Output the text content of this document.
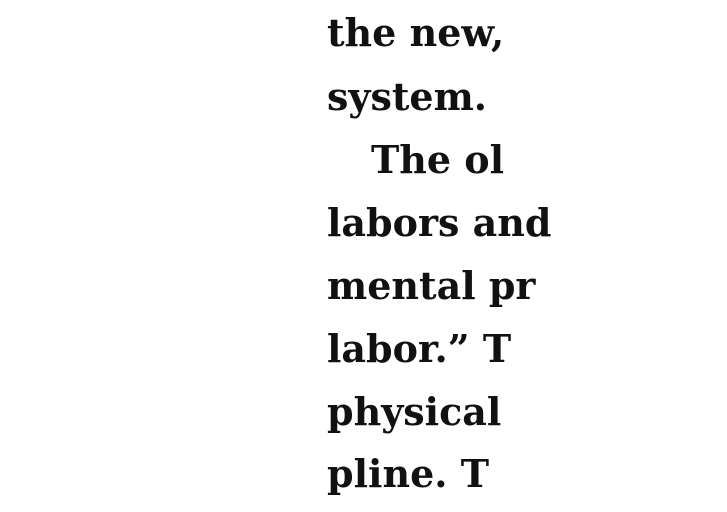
the new,
system.
The ol
labors and
mental pr
labor.” T
physical
pline. T
